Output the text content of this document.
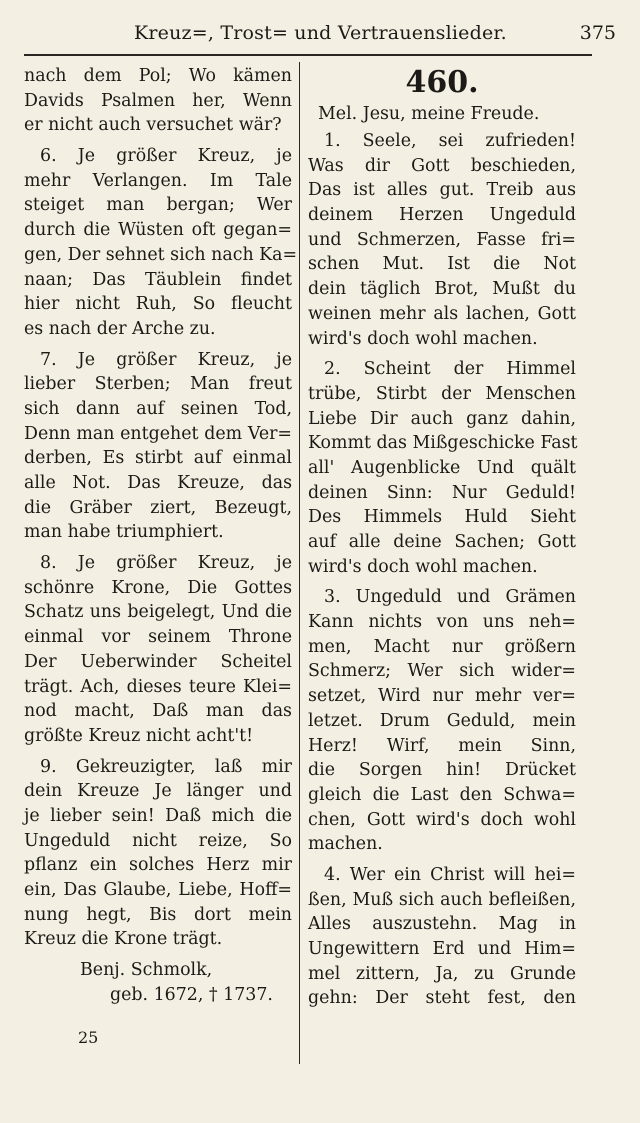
Kreuz=, Trost= und Vertrauenslieder.	375
nach dem Pol; Wo kämen
Davids Psalmen her, Wenn
er nicht auch versuchet wär?
6. Je größer Kreuz, je
mehr Verlangen. Im Tale
steiget man bergan; Wer
durch die Wüsten oft gegan=
gen, Der sehnet sich nach Ka=
naan; Das Täublein findet
hier nicht Ruh, So fleucht
es nach der Arche zu.
7. Je größer Kreuz, je
lieber Sterben; Man freut
sich dann auf seinen Tod,
Denn man entgehet dem Ver=
derben, Es stirbt auf einmal
alle Not. Das Kreuze, das
die Gräber ziert, Bezeugt,
man habe triumphiert.
8. Je größer Kreuz, je
schönre Krone, Die Gottes
Schatz uns beigelegt, Und die
einmal vor seinem Throne
Der Ueberwinder Scheitel
trägt. Ach, dieses teure Klei=
nod macht, Daß man das
größte Kreuz nicht acht't!
9. Gekreuzigter, laß mir
dein Kreuze Je länger und
je lieber sein! Daß mich die
Ungeduld nicht reize, So
pflanz ein solches Herz mir
ein, Das Glaube, Liebe, Hoff=
nung hegt, Bis dort mein
Kreuz die Krone trägt.
Benj. Schmolk,
geb. 1672, † 1737.
460.
Mel. Jesu, meine Freude.
1. Seele, sei zufrieden!
Was dir Gott beschieden,
Das ist alles gut. Treib aus
deinem Herzen Ungeduld
und Schmerzen, Fasse fri=
schen Mut. Ist die Not
dein täglich Brot, Mußt du
weinen mehr als lachen, Gott
wird's doch wohl machen.
2. Scheint der Himmel
trübe, Stirbt der Menschen
Liebe Dir auch ganz dahin,
Kommt das Mißgeschicke Fast
all' Augenblicke Und quält
deinen Sinn: Nur Geduld!
Des Himmels Huld Sieht
auf alle deine Sachen; Gott
wird's doch wohl machen.
3. Ungeduld und Grämen
Kann nichts von uns neh=
men, Macht nur größern
Schmerz; Wer sich wider=
setzet, Wird nur mehr ver=
letzet. Drum Geduld, mein
Herz! Wirf, mein Sinn,
die Sorgen hin! Drücket
gleich die Last den Schwa=
chen, Gott wird's doch wohl
machen.
4. Wer ein Christ will hei=
ßen, Muß sich auch befleißen,
Alles auszustehn. Mag in
Ungewittern Erd und Him=
mel zittern, Ja, zu Grunde
gehn: Der steht fest, den
25
